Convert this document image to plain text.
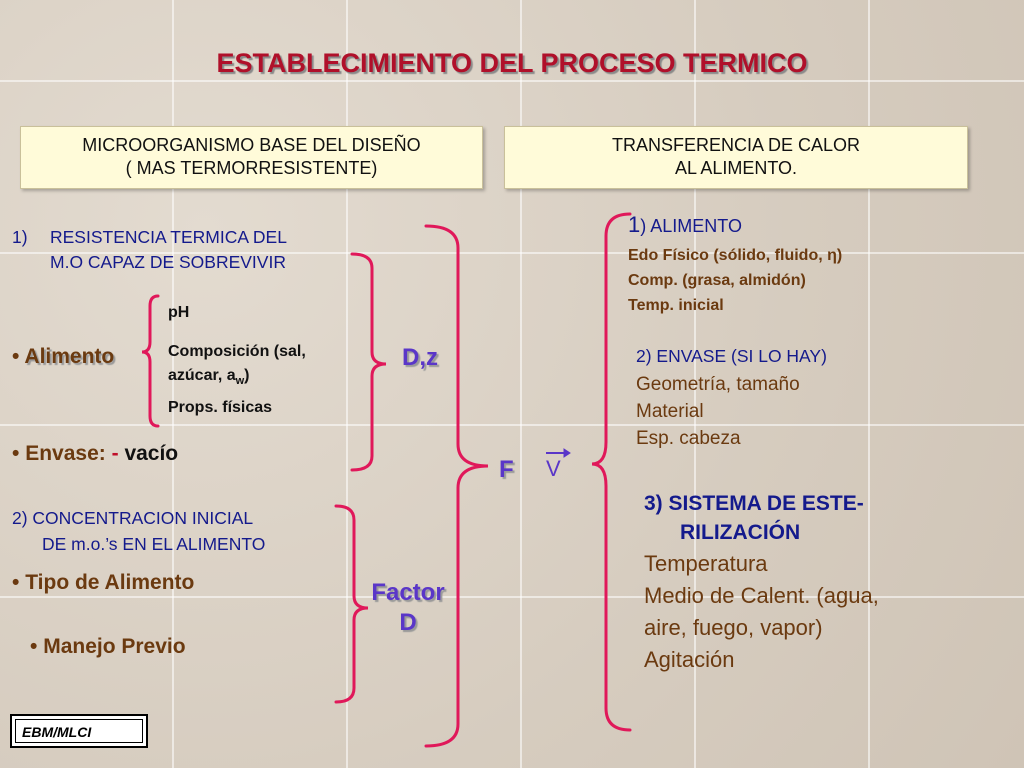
ESTABLECIMIENTO DEL PROCESO TERMICO
MICROORGANISMO BASE DEL DISEÑO
( MAS TERMORRESISTENTE)
TRANSFERENCIA DE CALOR
AL ALIMENTO.
1) RESISTENCIA TERMICA DEL
M.O CAPAZ DE SOBREVIVIR
• Alimento
pH
Composición (sal,
azúcar, $a_w$)
Props. físicas
• Envase: - vacío
2) CONCENTRACION INICIAL
DE m.o.’s EN EL ALIMENTO
• Tipo de Alimento
• Manejo Previo
D,z
F V
Factor
D
1) ALIMENTO
Edo Físico (sólido, fluido, η)
Comp. (grasa, almidón)
Temp. inicial
2) ENVASE (SI LO HAY)
Geometría, tamaño
Material
Esp. cabeza
3) SISTEMA DE ESTE-
RILIZACIÓN
Temperatura
Medio de Calent. (agua,
aire, fuego, vapor)
Agitación
EBM/MLCI
